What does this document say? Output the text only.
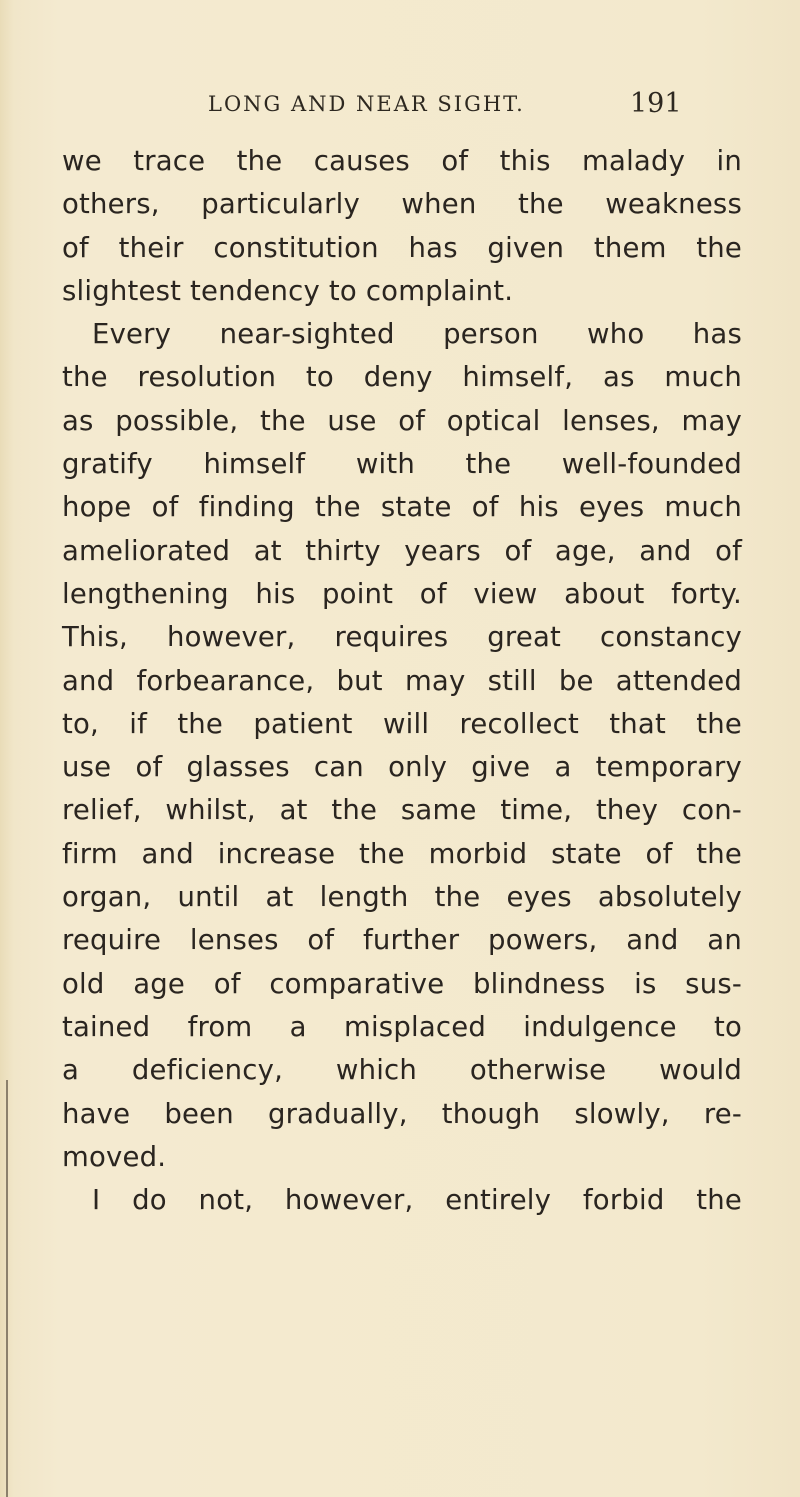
LONG AND NEAR SIGHT.	191
we trace the causes of this malady in
others, particularly when the weakness
of their constitution has given them the
slightest tendency to complaint.
Every near-sighted person who has
the resolution to deny himself, as much
as possible, the use of optical lenses, may
gratify himself with the well-founded
hope of finding the state of his eyes much
ameliorated at thirty years of age, and of
lengthening his point of view about forty.
This, however, requires great constancy
and forbearance, but may still be attended
to, if the patient will recollect that the
use of glasses can only give a temporary
relief, whilst, at the same time, they con-
firm and increase the morbid state of the
organ, until at length the eyes absolutely
require lenses of further powers, and an
old age of comparative blindness is sus-
tained from a misplaced indulgence to
a deficiency, which otherwise would
have been gradually, though slowly, re-
moved.
I do not, however, entirely forbid the
